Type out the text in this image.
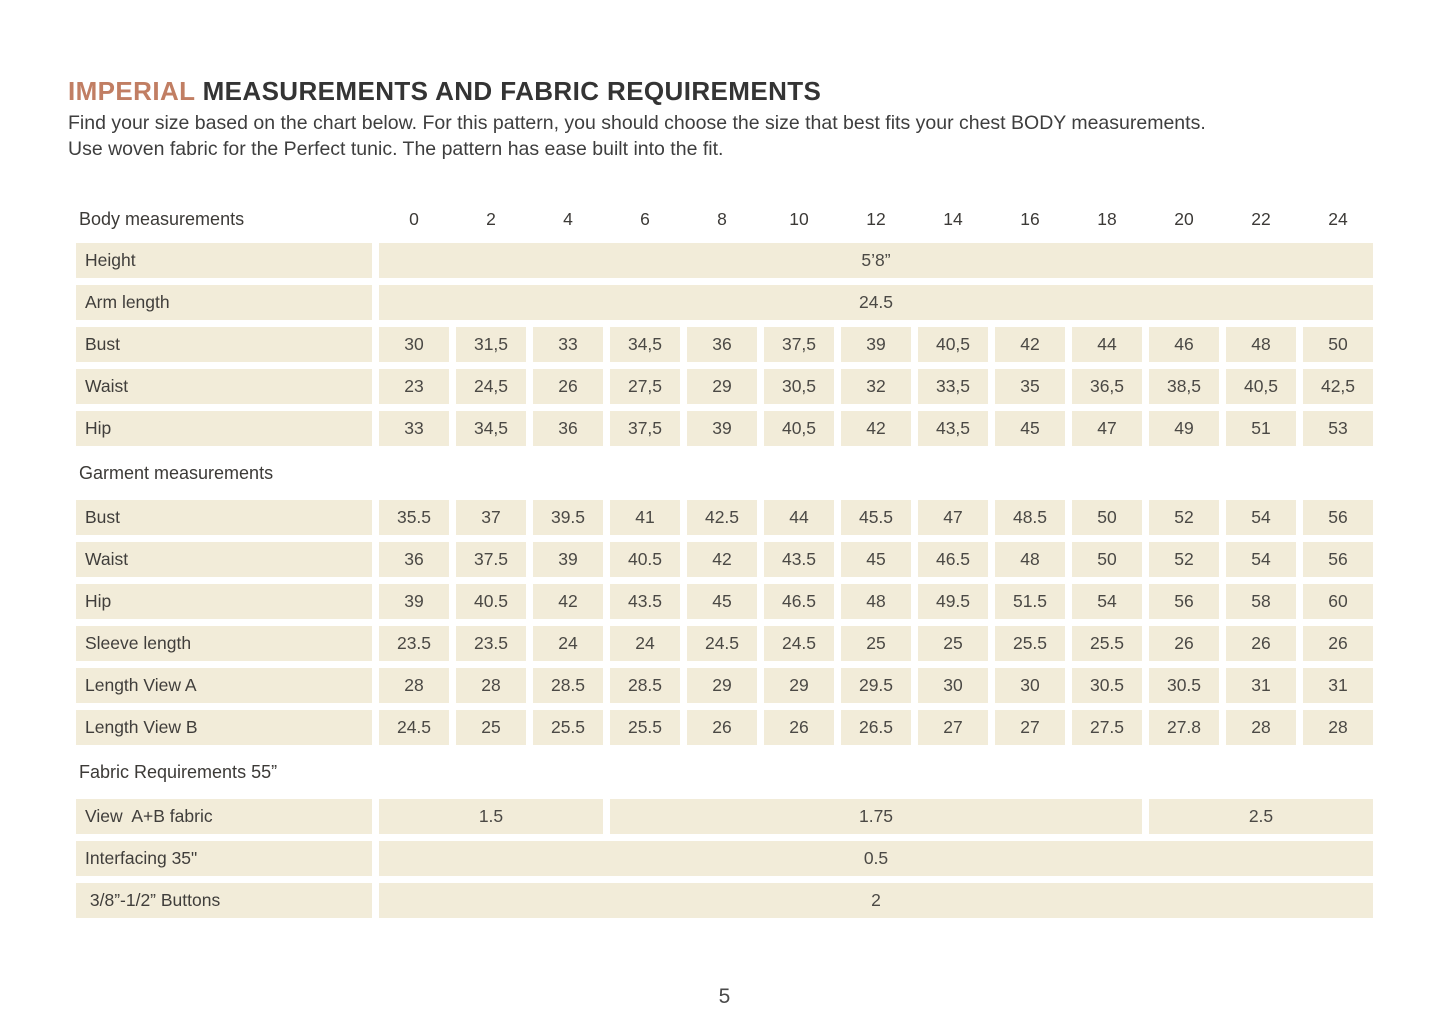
IMPERIAL MEASUREMENTS AND FABRIC REQUIREMENTS
Find your size based on the chart below. For this pattern, you should choose the size that best fits your chest BODY measurements.
Use woven fabric for the Perfect tunic. The pattern has ease built into the fit.
Body measurements	0	2	4	6	8	10	12	14	16	18	20	22	24
Height	5’8”
Arm length	24.5
Bust	30	31,5	33	34,5	36	37,5	39	40,5	42	44	46	48	50
Waist	23	24,5	26	27,5	29	30,5	32	33,5	35	36,5	38,5	40,5	42,5
Hip	33	34,5	36	37,5	39	40,5	42	43,5	45	47	49	51	53
Garment measurements
Bust	35.5	37	39.5	41	42.5	44	45.5	47	48.5	50	52	54	56
Waist	36	37.5	39	40.5	42	43.5	45	46.5	48	50	52	54	56
Hip	39	40.5	42	43.5	45	46.5	48	49.5	51.5	54	56	58	60
Sleeve length	23.5	23.5	24	24	24.5	24.5	25	25	25.5	25.5	26	26	26
Length View A	28	28	28.5	28.5	29	29	29.5	30	30	30.5	30.5	31	31
Length View B	24.5	25	25.5	25.5	26	26	26.5	27	27	27.5	27.8	28	28
Fabric Requirements 55”
View  A+B fabric	1.5	1.75	2.5
Interfacing 35"	0.5
3/8”-1/2” Buttons	2
5
